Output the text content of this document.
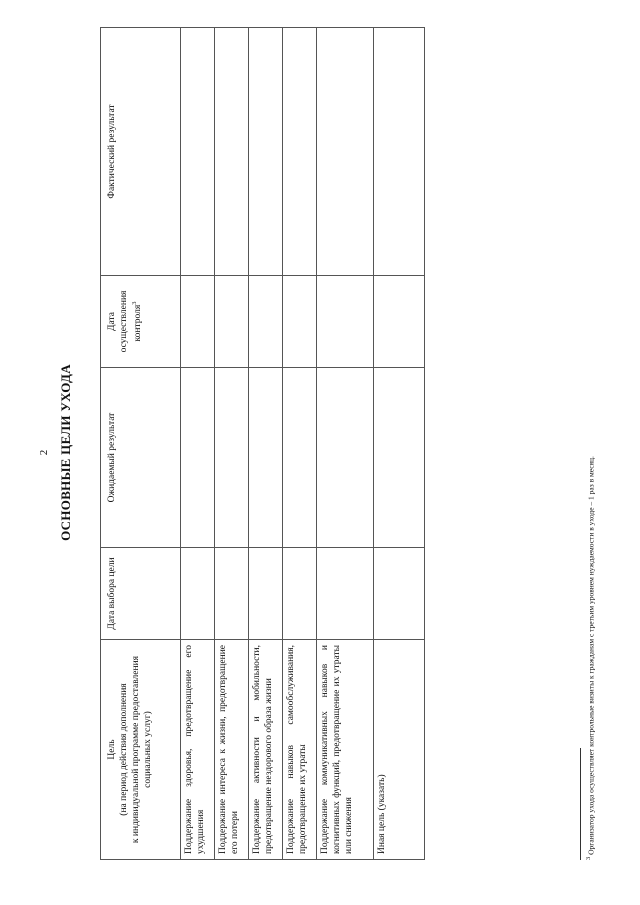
2 ОСНОВНЫЕ ЦЕЛИ УХОДА
Цель (на период действия дополнения к индивидуальной программе предоставления социальных услуг)	Дата выбора цели	Ожидаемый результат	Дата осуществления контроля$^3$	Фактический результат
Поддержание здоровья, предотвращение его ухудшения				
Поддержание интереса к жизни, предотвращение его потери				
Поддержание активности и мобильности, предотвращение нездорового образа жизни				
Поддержание навыков самообслуживания, предотвращение их утраты				
Поддержание коммуникативных навыков и когнитивных функций, предотвращение их утраты или снижения				
Иная цель (указать)				
$^3$ Организатор ухода осуществляет контрольные визиты к гражданам с третьим уровнем нуждаемости в уходе – 1 раз в месяц.
